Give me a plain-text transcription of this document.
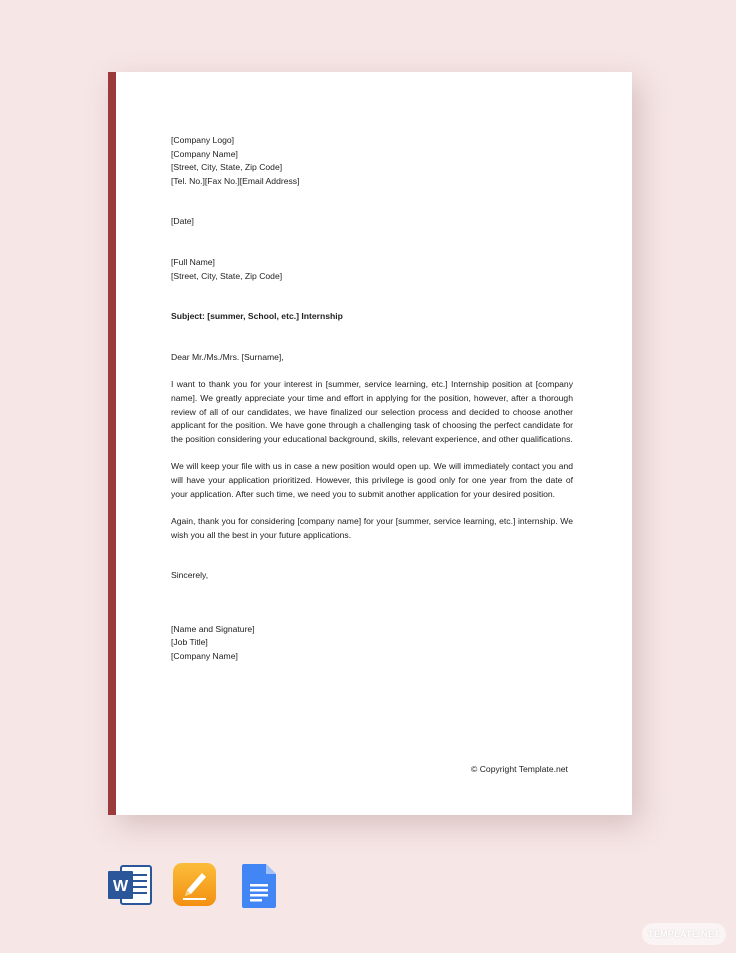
[Company Logo]
[Company Name]
[Street, City, State, Zip Code]
[Tel. No.][Fax No.][Email Address]
[Date]
[Full Name]
[Street, City, State, Zip Code]
Subject: [summer, School, etc.] Internship
Dear Mr./Ms./Mrs. [Surname],

I want to thank you for your interest in [summer, service learning, etc.] Internship position at [company name]. We greatly appreciate your time and effort in applying for the position, however, after a thorough review of all of our candidates, we have finalized our selection process and decided to choose another applicant for the position. We have gone through a challenging task of choosing the perfect candidate for the position considering your educational background, skills, relevant experience, and other qualifications.

We will keep your file with us in case a new position would open up. We will immediately contact you and will have your application prioritized. However, this privilege is good only for one year from the date of your application. After such time, we need you to submit another application for your desired position.

Again, thank you for considering [company name] for your [summer, service learning, etc.] internship. We wish you all the best in your future applications.

Sincerely,
[Name and Signature]
[Job Title]
[Company Name]
© Copyright Template.net
W
TEMPLATE.NET
